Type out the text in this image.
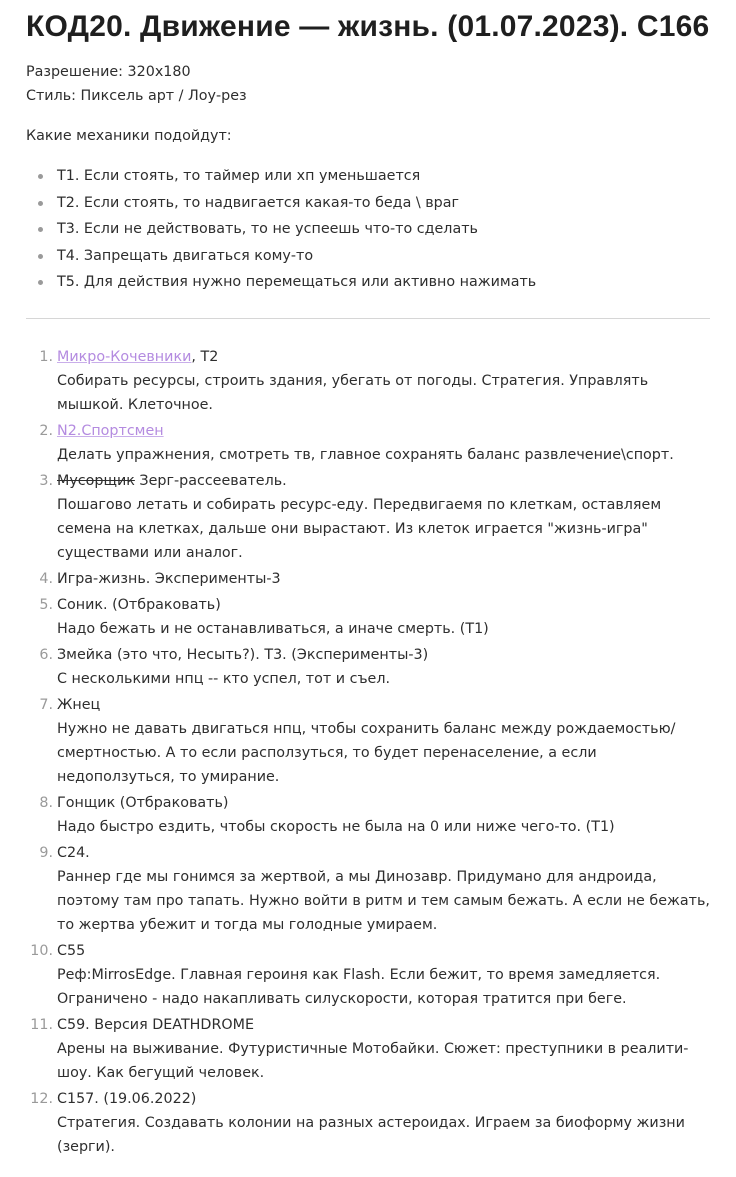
КОД20. Движение — жизнь. (01.07.2023). С166
Разрешение: 320х180
Стиль: Пиксель арт / Лоу-рез
Какие механики подойдут:
Т1. Если стоять, то таймер или хп уменьшается
Т2. Если стоять, то надвигается какая-то беда \ враг
Т3. Если не действовать, то не успеешь что-то сделать
Т4. Запрещать двигаться кому-то
Т5. Для действия нужно перемещаться или активно нажимать
1. Микро-Кочевники, Т2
Собирать ресурсы, строить здания, убегать от погоды. Стратегия. Управлять мышкой. Клеточное.
2. N2.Спортсмен
Делать упражнения, смотреть тв, главное сохранять баланс развлечение\спорт.
3. Мусорщик Зерг-рассееватель.
Пошагово летать и собирать ресурс-еду. Передвигаемя по клеткам, оставляем семена на клетках, дальше они вырастают. Из клеток играется "жизнь-игра" существами или аналог.
4. Игра-жизнь. Эксперименты-3
5. Соник. (Отбраковать)
Надо бежать и не останавливаться, а иначе смерть. (Т1)
6. Змейка (это что, Несыть?). Т3. (Эксперименты-3)
С несколькими нпц -- кто успел, тот и съел.
7. Жнец
Нужно не давать двигаться нпц, чтобы сохранить баланс между рождаемостью/ смертностью. А то если расползуться, то будет перенаселение, а если недоползуться, то умирание.
8. Гонщик (Отбраковать)
Надо быстро ездить, чтобы скорость не была на 0 или ниже чего-то. (Т1)
9. С24.
Раннер где мы гонимся за жертвой, а мы Динозавр. Придумано для андроида, поэтому там про тапать. Нужно войти в ритм и тем самым бежать. А если не бежать, то жертва убежит и тогда мы голодные умираем.
10. С55
Реф:MirrosEdge. Главная героиня как Flash. Если бежит, то время замедляется. Ограничено - надо накапливать силускорости, которая тратится при беге.
11. С59. Версия DEATHDROME
Арены на выживание. Футуристичные Мотобайки. Сюжет: преступники в реалити-шоу. Как бегущий человек.
12. С157. (19.06.2022)
Стратегия. Создавать колонии на разных астероидах. Играем за биоформу жизни (зерги).
